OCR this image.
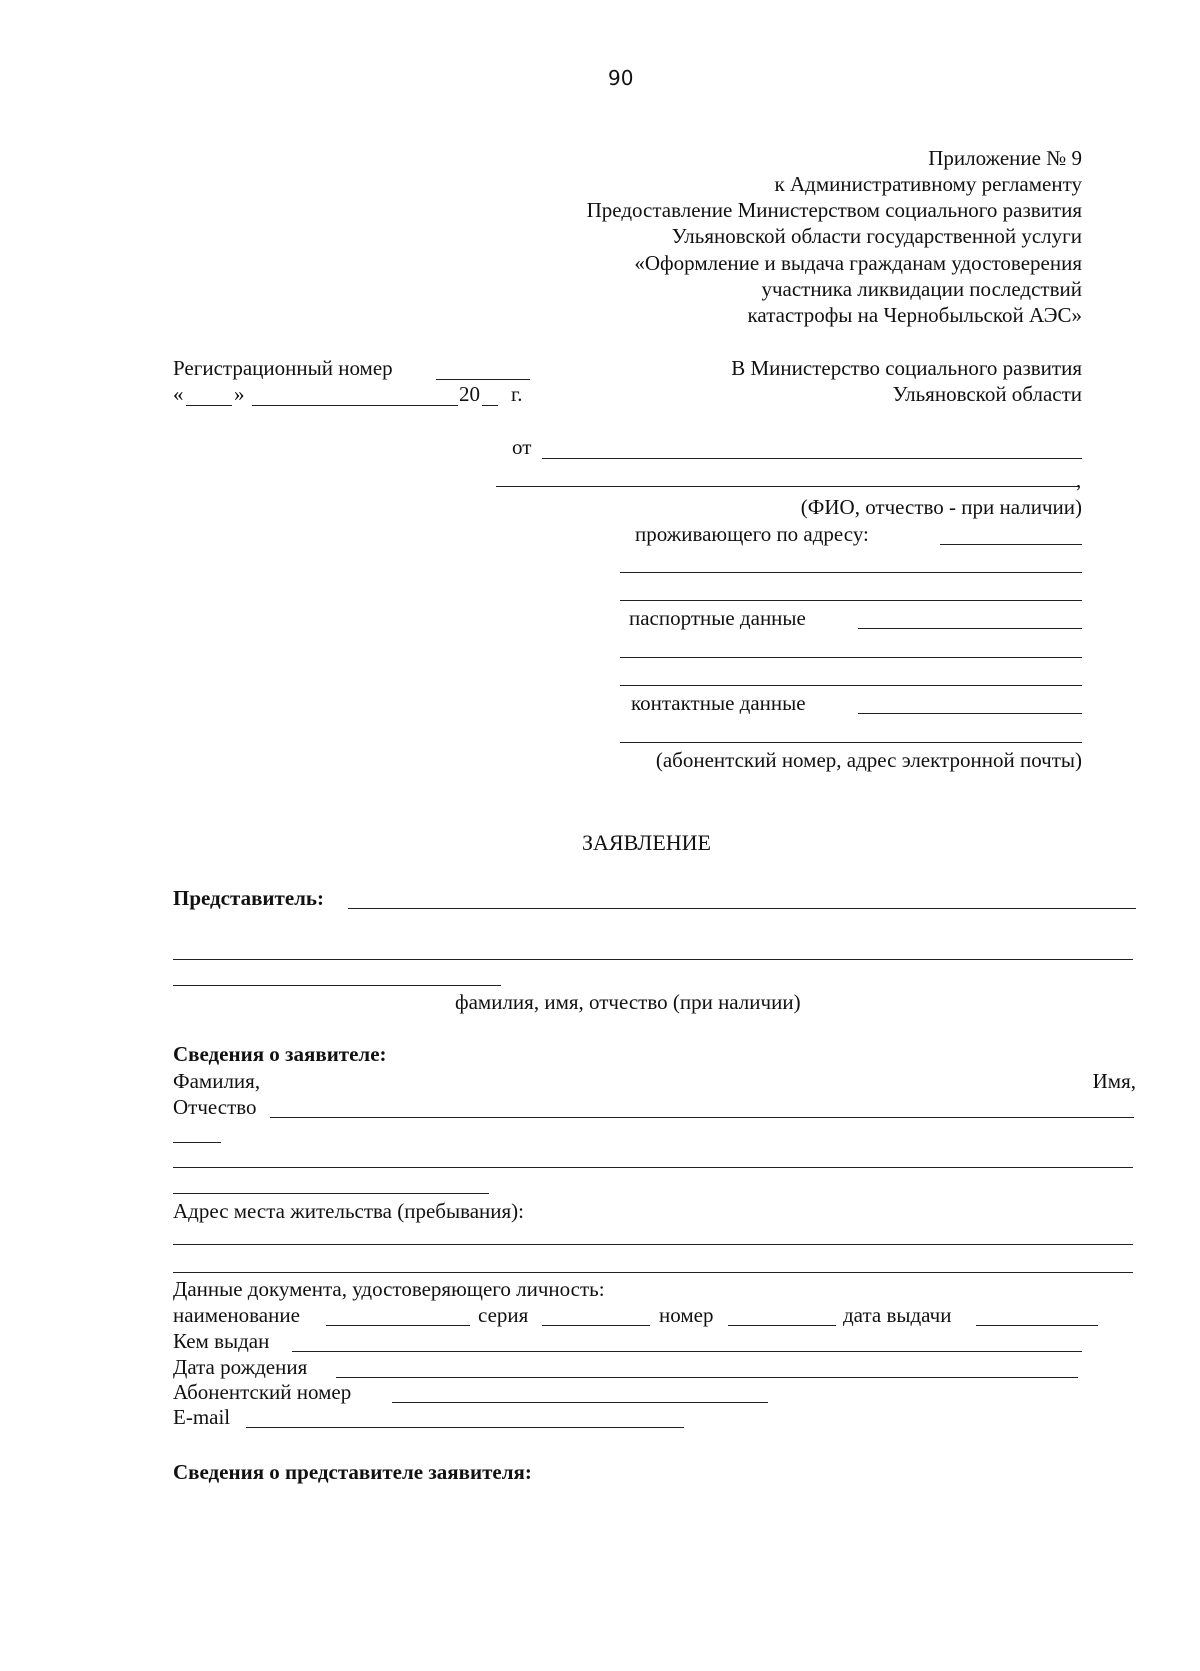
90
Приложение № 9
к Административному регламенту
Предоставление Министерством социального развития
Ульяновской области государственной услуги
«Оформление и выдача гражданам удостоверения
участника ликвидации последствий
катастрофы на Чернобыльской АЭС»
Регистрационный номер
« »	20 г.
В Министерство социального развития
Ульяновской области
от
,
(ФИО, отчество - при наличии)
проживающего по адресу:
паспортные данные
контактные данные
(абонентский номер, адрес электронной почты)
ЗАЯВЛЕНИЕ
Представитель:
фамилия, имя, отчество (при наличии)
Сведения о заявителе:
Фамилия,	Имя,
Отчество
Адрес места жительства (пребывания):
Данные документа, удостоверяющего личность:
наименование	серия	номер	дата выдачи
Кем выдан
Дата рождения
Абонентский номер
E-mail
Сведения о представителе заявителя:
